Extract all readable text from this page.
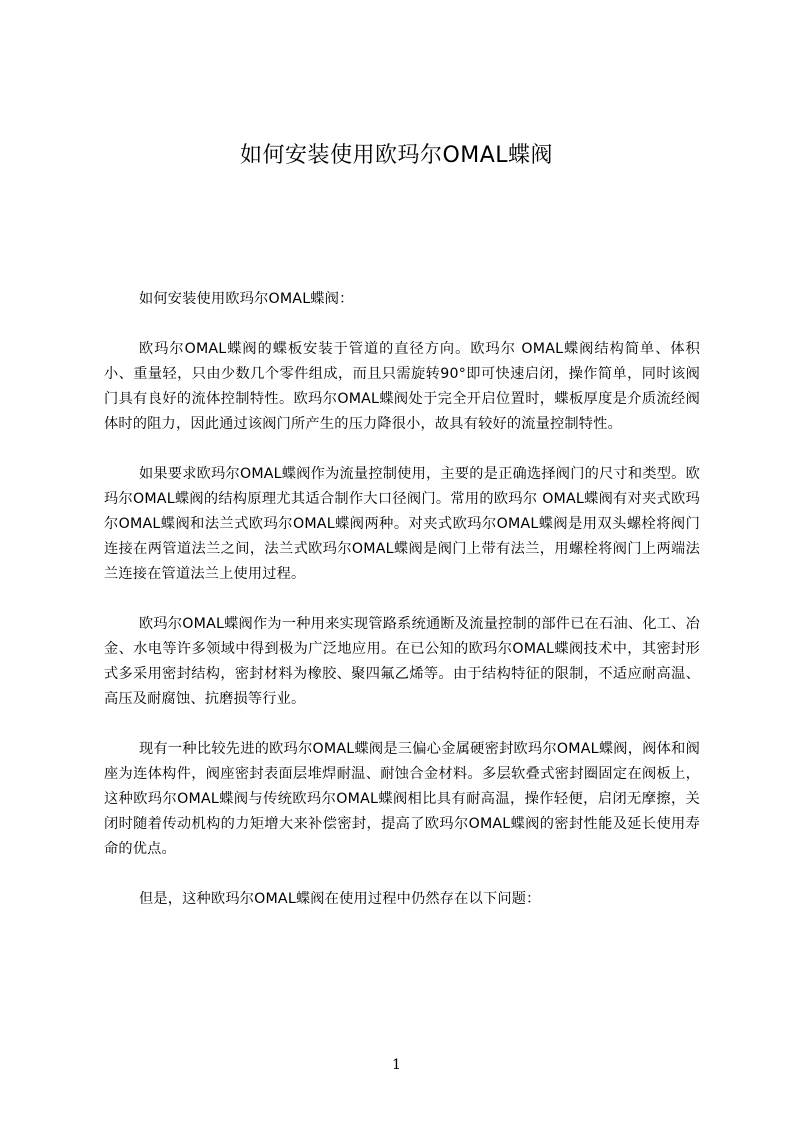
如何安装使用欧玛尔OMAL蝶阀

如何安装使用欧玛尔OMAL蝶阀：

欧玛尔OMAL蝶阀的蝶板安装于管道的直径方向。欧玛尔 OMAL蝶阀结构简单、体积小、重量轻，只由少数几个零件组成，而且只需旋转90°即可快速启闭，操作简单，同时该阀门具有良好的流体控制特性。欧玛尔OMAL蝶阀处于完全开启位置时，蝶板厚度是介质流经阀体时的阻力，因此通过该阀门所产生的压力降很小，故具有较好的流量控制特性。

如果要求欧玛尔OMAL蝶阀作为流量控制使用，主要的是正确选择阀门的尺寸和类型。欧玛尔OMAL蝶阀的结构原理尤其适合制作大口径阀门。常用的欧玛尔 OMAL蝶阀有对夹式欧玛尔OMAL蝶阀和法兰式欧玛尔OMAL蝶阀两种。对夹式欧玛尔OMAL蝶阀是用双头螺栓将阀门连接在两管道法兰之间，法兰式欧玛尔OMAL蝶阀是阀门上带有法兰，用螺栓将阀门上两端法兰连接在管道法兰上使用过程。

欧玛尔OMAL蝶阀作为一种用来实现管路系统通断及流量控制的部件已在石油、化工、冶金、水电等许多领域中得到极为广泛地应用。在已公知的欧玛尔OMAL蝶阀技术中，其密封形式多采用密封结构，密封材料为橡胶、聚四氟乙烯等。由于结构特征的限制，不适应耐高温、高压及耐腐蚀、抗磨损等行业。

现有一种比较先进的欧玛尔OMAL蝶阀是三偏心金属硬密封欧玛尔OMAL蝶阀，阀体和阀座为连体构件，阀座密封表面层堆焊耐温、耐蚀合金材料。多层软叠式密封圈固定在阀板上，这种欧玛尔OMAL蝶阀与传统欧玛尔OMAL蝶阀相比具有耐高温，操作轻便，启闭无摩擦，关闭时随着传动机构的力矩增大来补偿密封，提高了欧玛尔OMAL蝶阀的密封性能及延长使用寿命的优点。

但是，这种欧玛尔OMAL蝶阀在使用过程中仍然存在以下问题：

1
